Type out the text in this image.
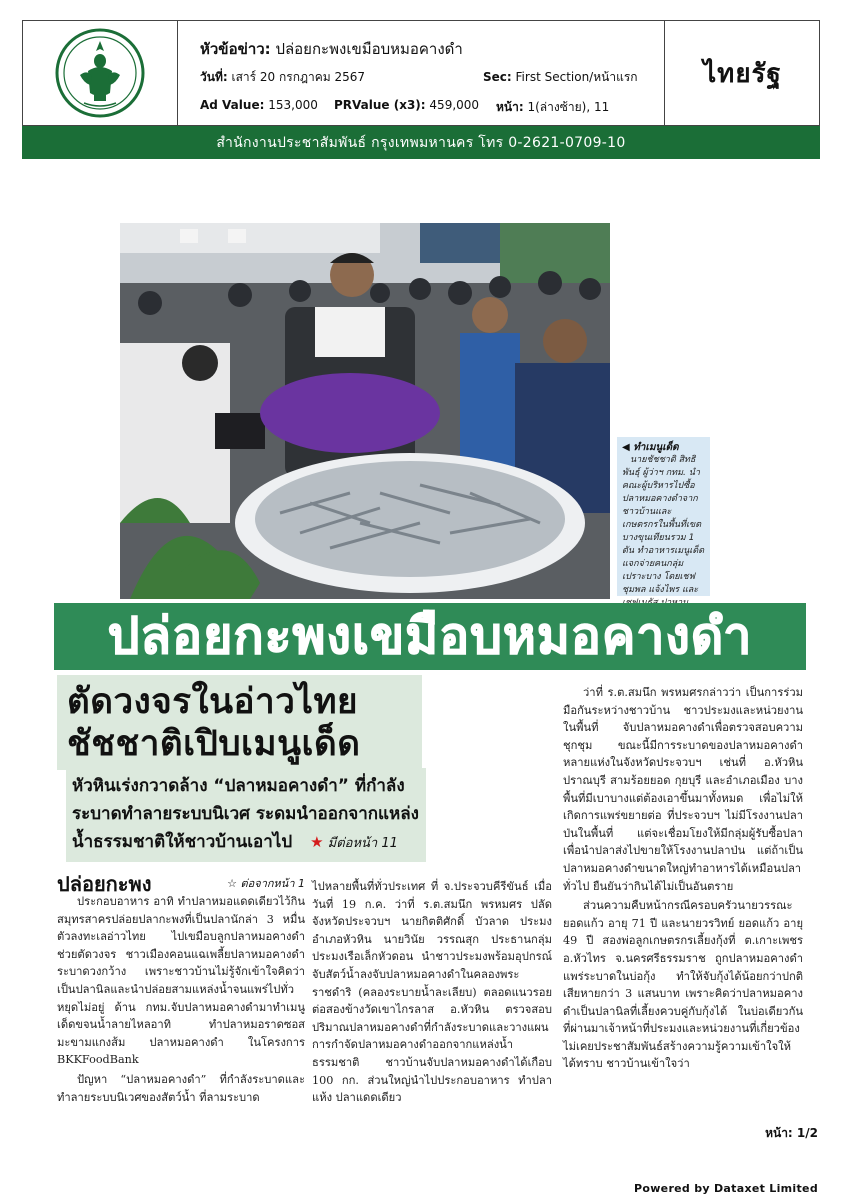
หัวข้อข่าว: ปล่อยกะพงเขมือบหมอคางดำ
วันที่: เสาร์ 20 กรกฎาคม 2567	Sec: First Section/หน้าแรก
Ad Value: 153,000 PRValue (x3): 459,000 หน้า: 1(ล่างซ้าย), 11
ไทยรัฐ
สำนักงานประชาสัมพันธ์ กรุงเทพมหานคร โทร 0-2621-0709-10
◀ ทำเมนูเด็ด
นายชัชชาติ สิทธิพันธุ์ ผู้ว่าฯ กทม. นำคณะผู้บริหารไปซื้อปลาหมอคางดำจากชาวบ้านและเกษตรกรในพื้นที่เขตบางขุนเทียนรวม 1 ตัน ทำอาหารเมนูเด็ด แจกจ่ายคนกลุ่มเปราะบาง โดยเชฟชุมพล แจ้งไพร และ
ปล่อยกะพงเขมือบหมอคางดำ
ตัดวงจรในอ่าวไทย
ชัชชาติเปิบเมนูเด็ด
หัวหินเร่งกวาดล้าง “ปลาหมอคางดำ” ที่กำลังระบาดทำลายระบบนิเวศ ระดมนำออกจากแหล่งน้ำธรรมชาติให้ชาวบ้านเอาไป ★ มีต่อหน้า 11
ปล่อยกะพง	☆ ต่อจากหน้า 1

ประกอบอาหาร อาทิ ทำปลาหมอแดดเดียวไว้กิน สมุทรสาครปล่อยปลากะพงที่เป็นปลานักล่า 3 หมื่นตัวลงทะเลอ่าวไทย ไปเขมือบลูกปลาหมอคางดำ ช่วยตัดวงจร ชาวเมืองคอนแฉเพลี้ยปลาหมอคางดำระบาดวงกว้าง เพราะชาวบ้านไม่รู้จักเข้าใจคิดว่าเป็นปลานิลและนำปล่อยสามแหล่งน้ำจนแพร่ไปทั่ว หยุดไม่อยู่ ด้าน กทม.จับปลาหมอคางดำมาทำเมนูเด็ดขจนน้ำลายไหลอาทิ ทำปลาหมอราดซอสมะขามแกงส้ม ปลาหมอคางดำ ในโครงการ BKKFoodBank

ปัญหา “ปลาหมอคางดำ” ที่กำลังระบาดและทำลายระบบนิเวศของสัตว์น้ำ ที่ลามระบาด

ไปหลายพื้นที่ทั่วประเทศ ที่ จ.ประจวบคีรีขันธ์ เมื่อวันที่ 19 ก.ค. ว่าที่ ร.ต.สมนึก พรหมศร ปลัดจังหวัดประจวบฯ นายกิตติศักดิ์ บัวลาด ประมงอำเภอหัวหิน นายวินัย วรรณสุก ประธานกลุ่มประมงเรือเล็กหัวดอน นำชาวประมงพร้อมอุปกรณ์จับสัตว์น้ำลงจับปลาหมอคางดำในคลองพระราชดำริ (คลองระบายน้ำละเลียบ) ตลอดแนวรอยต่อสองข้างวัดเขาไกรลาส อ.หัวหิน ตรวจสอบปริมาณปลาหมอคางดำที่กำลังระบาดและวางแผนการกำจัดปลาหมอคางดำออกจากแหล่งน้ำธรรมชาติ ชาวบ้านจับปลาหมอคางดำได้เกือบ 100 กก. ส่วนใหญ่นำไปประกอบอาหาร ทำปลาแห้ง ปลาแดดเดียว

ว่าที่ ร.ต.สมนึก พรหมศรกล่าวว่า เป็นการร่วมมือกันระหว่างชาวบ้าน ชาวประมงและหน่วยงานในพื้นที่ จับปลาหมอคางดำเพื่อตรวจสอบความชุกชุม ขณะนี้มีการระบาดของปลาหมอคางดำหลายแห่งในจังหวัดประจวบฯ เช่นที่ อ.หัวหิน ปราณบุรี สามร้อยยอด กุยบุรี และอำเภอเมือง บางพื้นที่มีเบาบางแต่ต้องเอาขึ้นมาทั้งหมด เพื่อไม่ให้เกิดการแพร่ขยายต่อ ที่ประจวบฯ ไม่มีโรงงานปลาป่นในพื้นที่ แต่จะเชื่อมโยงให้มีกลุ่มผู้รับซื้อปลา เพื่อนำปลาส่งไปขายให้โรงงานปลาป่น แต่ถ้าเป็นปลาหมอคางดำขนาดใหญ่ทำอาหารได้เหมือนปลาทั่วไป ยืนยันว่ากินได้ไม่เป็นอันตราย

ส่วนความคืบหน้ากรณีครอบครัวนายวรรณะ ยอดแก้ว อายุ 71 ปี และนายวรวิทย์ ยอดแก้ว อายุ 49 ปี สองพ่อลูกเกษตรกรเลี้ยงกุ้งที่ ต.เกาะเพชร อ.หัวไทร จ.นครศรีธรรมราช ถูกปลาหมอคางดำแพร่ระบาดในบ่อกุ้ง ทำให้จับกุ้งได้น้อยกว่าปกติ เสียหายกว่า 3 แสนบาท เพราะคิดว่าปลาหมอคางดำเป็นปลานิลที่เลี้ยงควบคู่กับกุ้งได้ ในบ่อเดียวกัน ที่ผ่านมาเจ้าหน้าที่ประมงและหน่วยงานที่เกี่ยวข้องไม่เคยประชาสัมพันธ์สร้างความรู้ความเข้าใจให้ได้ทราบ ชาวบ้านเข้าใจว่า

หน้า: 1/2
Powered by Dataxet Limited
